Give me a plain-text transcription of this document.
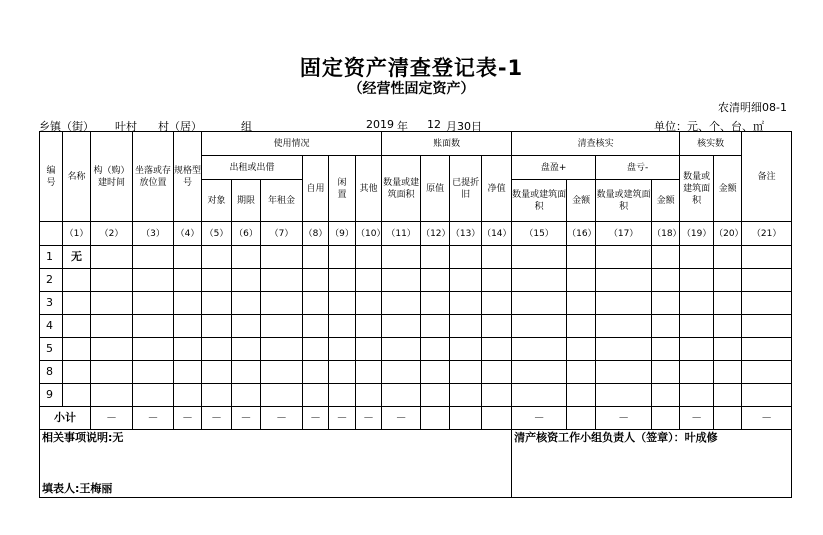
固定资产清查登记表-1
（经营性固定资产）
农清明细08-1
乡镇（街） 叶村 村（居）	组	2019 年 12 月30日	单位：元、个、台、㎡
编号	名称	构（购）建时间	坐落或存放位置	规格型号	使用情况						账面数				清查核实				核实数		备注
					出租或出借			自用	闲置	其他	数量或建筑面积	原值	已提折旧	净值	盘盈+		盘亏-		数量或建筑面积	金额	
					对象	期限	年租金								数量或建筑面积	金额	数量或建筑面积	金额			
	（1）	（2）	（3）	（4）	（5）	（6）	（7）	（8）	（9）	（10）	（11）	（12）	（13）	（14）	（15）	（16）	（17）	（18）	（19）	（20）	（21）
1	无																				
2																					
3																					
4																					
5																					
8																					
9																					
小计		－	－	－	－	－	－	－	－	－	－				－		－		－		－
相关事项说明:无
填表人:王梅丽															清产核资工作小组负责人（签章）：叶成修						
